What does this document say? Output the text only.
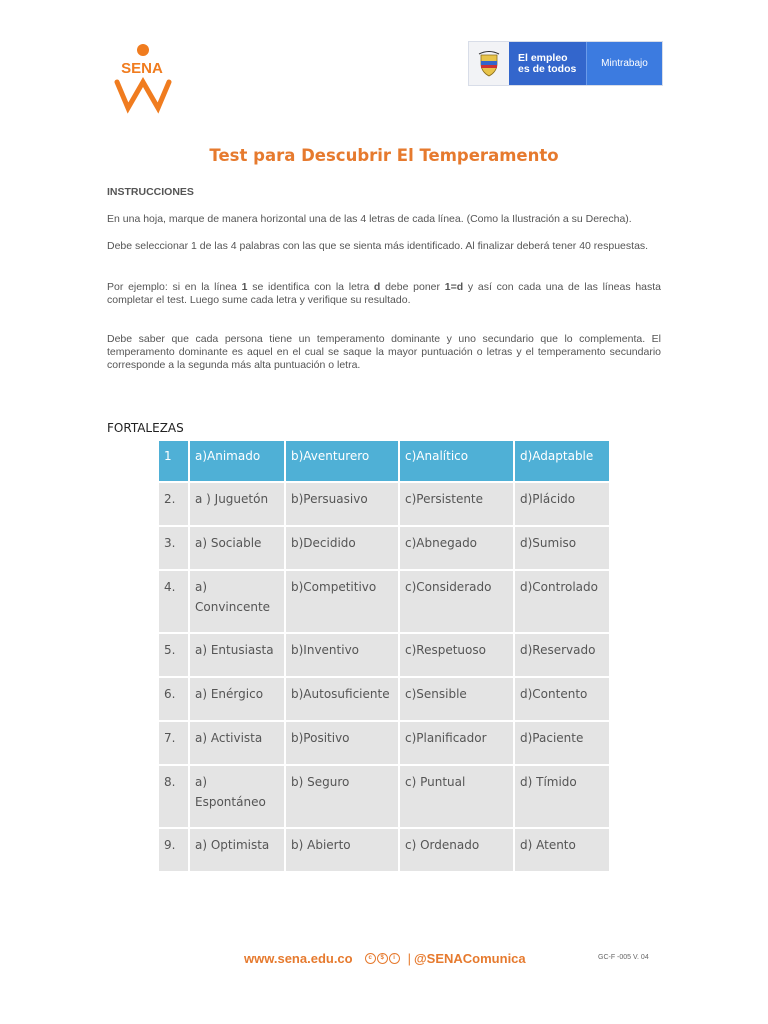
SENA
El empleo
es de todos	Mintrabajo
Test para Descubrir El Temperamento
INSTRUCCIONES

En una hoja, marque de manera horizontal una de las 4 letras de cada línea. (Como la Ilustración a su Derecha).

Debe seleccionar 1 de las 4 palabras con las que se sienta más identificado. Al finalizar deberá tener 40 respuestas.

Por ejemplo: si en la línea 1 se identifica con la letra d debe poner 1=d y así con cada una de las líneas hasta completar el test. Luego sume cada letra y verifique su resultado.

Debe saber que cada persona tiene un temperamento dominante y uno secundario que lo complementa. El temperamento dominante es aquel en el cual se saque la mayor puntuación o letras y el temperamento secundario corresponde a la segunda más alta puntuación o letra.

FORTALEZAS
1	a)Animado	b)Aventurero	c)Analítico	d)Adaptable
2.	a ) Juguetón	b)Persuasivo	c)Persistente	d)Plácido
3.	a) Sociable	b)Decidido	c)Abnegado	d)Sumiso
4.	a) Convincente	b)Competitivo	c)Considerado	d)Controlado
5.	a) Entusiasta	b)Inventivo	c)Respetuoso	d)Reservado
6.	a) Enérgico	b)Autosuficiente	c)Sensible	d)Contento
7.	a) Activista	b)Positivo	c)Planificador	d)Paciente
8.	a) Espontáneo	b) Seguro	c) Puntual	d) Tímido
9.	a) Optimista	b) Abierto	c) Ordenado	d) Atento
www.sena.edu.co	c	$	i | @SENAComunica	GC-F -005 V. 04
